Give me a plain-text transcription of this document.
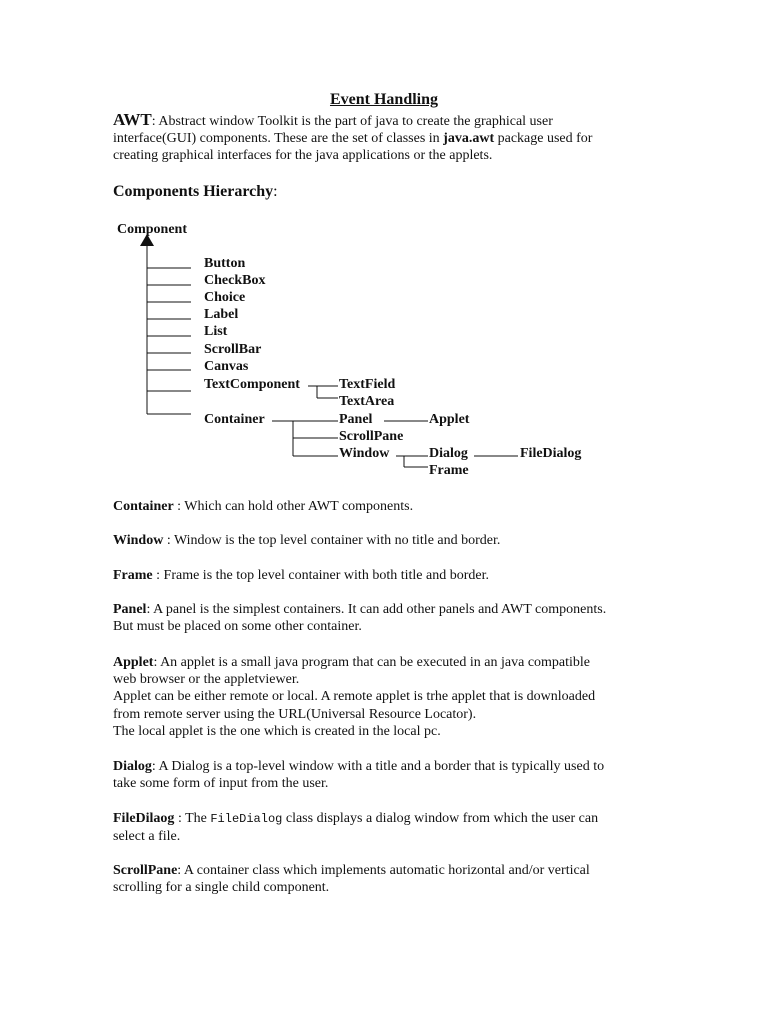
Event Handling
AWT: Abstract window Toolkit is the part of java to create the graphical user
interface(GUI) components. These are the set of classes in java.awt package used for
creating graphical interfaces for the java applications or the applets.
Components Hierarchy:
Component
Button
CheckBox
Choice
Label
List
ScrollBar
Canvas
TextComponent	TextField
TextArea
Container	Panel	Applet
ScrollPane
Window	Dialog	FileDialog
Frame
Container : Which can hold other AWT components.
Window : Window is the top level container with no title and border.
Frame : Frame is the top level container with both title and border.
Panel: A panel is the simplest containers. It can add other panels and AWT components.
But must be placed on some other container.
Applet: An applet is a small java program that can be executed in an java compatible
web browser or the appletviewer.
Applet can be either remote or local. A remote applet is trhe applet that is downloaded
from remote server using the URL(Universal Resource Locator).
The local applet is the one which is created in the local pc.
Dialog: A Dialog is a top-level window with a title and a border that is typically used to
take some form of input from the user.
FileDilaog : The FileDialog class displays a dialog window from which the user can
select a file.
ScrollPane: A container class which implements automatic horizontal and/or vertical
scrolling for a single child component.
